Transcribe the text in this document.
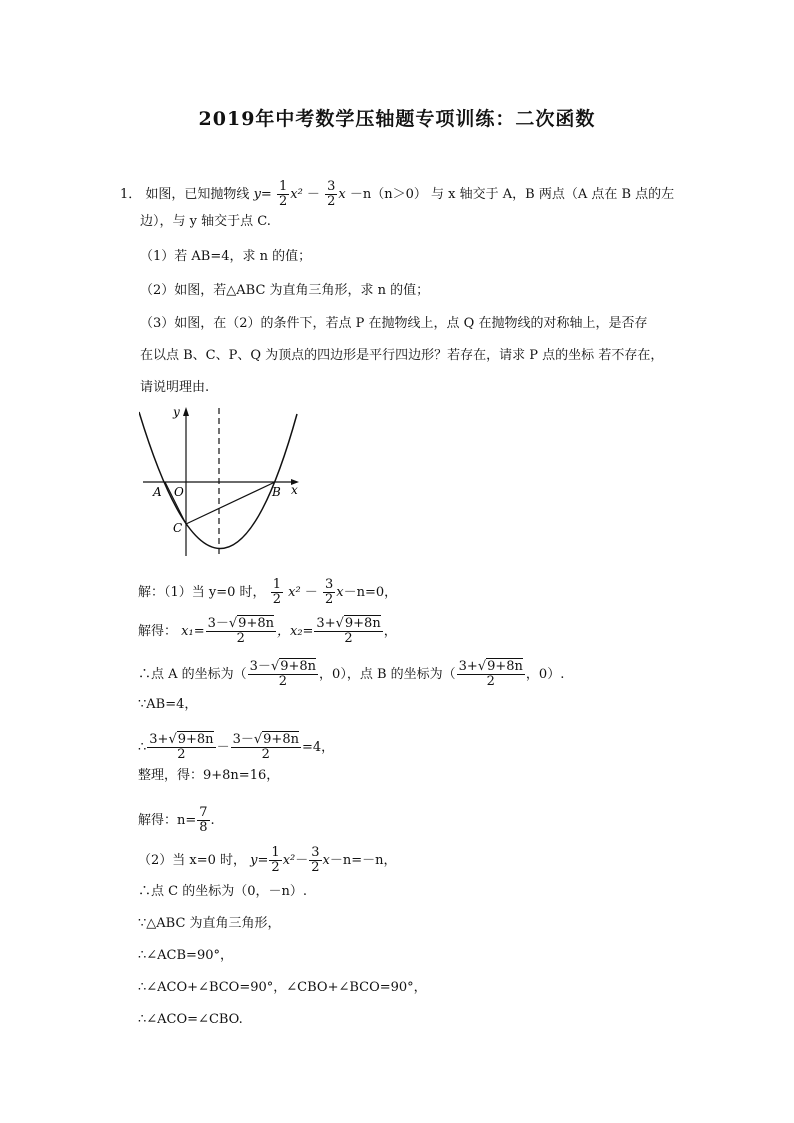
2019年中考数学压轴题专项训练：二次函数
1． 如图，已知抛物线 $y= \frac{1}{2} x^2 - \frac{3}{2}$ x －n（n＞0） 与 x 轴交于 A，B 两点（A 点在 B 点的左
边），与 y 轴交于点 C.
（1）若 AB=4，求 n 的值；
（2）如图，若△ABC 为直角三角形，求 n 的值；
（3）如图，在（2）的条件下，若点 P 在抛物线上，点 Q 在抛物线的对称轴上，是否存
在以点 B、C、P、Q 为顶点的四边形是平行四边形？若存在，请求 P 点的坐标 若不存在，
请说明理由.
y
x
A O	B
C
解：（1）当 y=0 时， $\frac{1}{2} x^2 - \frac{3}{2} x-n=0$，
解得： $x_1= \frac{3-√9+8n}{2}$ ，$x_2= \frac{3+√9+8n}{2}$ ，
∴点 A 的坐标为（ $\frac{3-√9+8n}{2}$ ，0），点 B 的坐标为（ $\frac{3+√9+8n}{2}$ ，0）.
∵AB=4，
∴ $\frac{3+√9+8n}{2} - \frac{3-√9+8n}{2} =4$，
整理，得：9+8n=16，
解得：$n= \frac{7}{8}$ .
（2）当 x=0 时， $y= \frac{1}{2} x^2- \frac{3}{2} x-n=-n$，
∴点 C 的坐标为（0，－n）.
∵△ABC 为直角三角形，
∴∠ACB=90°，
∴∠ACO+∠BCO=90°，∠CBO+∠BCO=90°，
∴∠ACO=∠CBO.
